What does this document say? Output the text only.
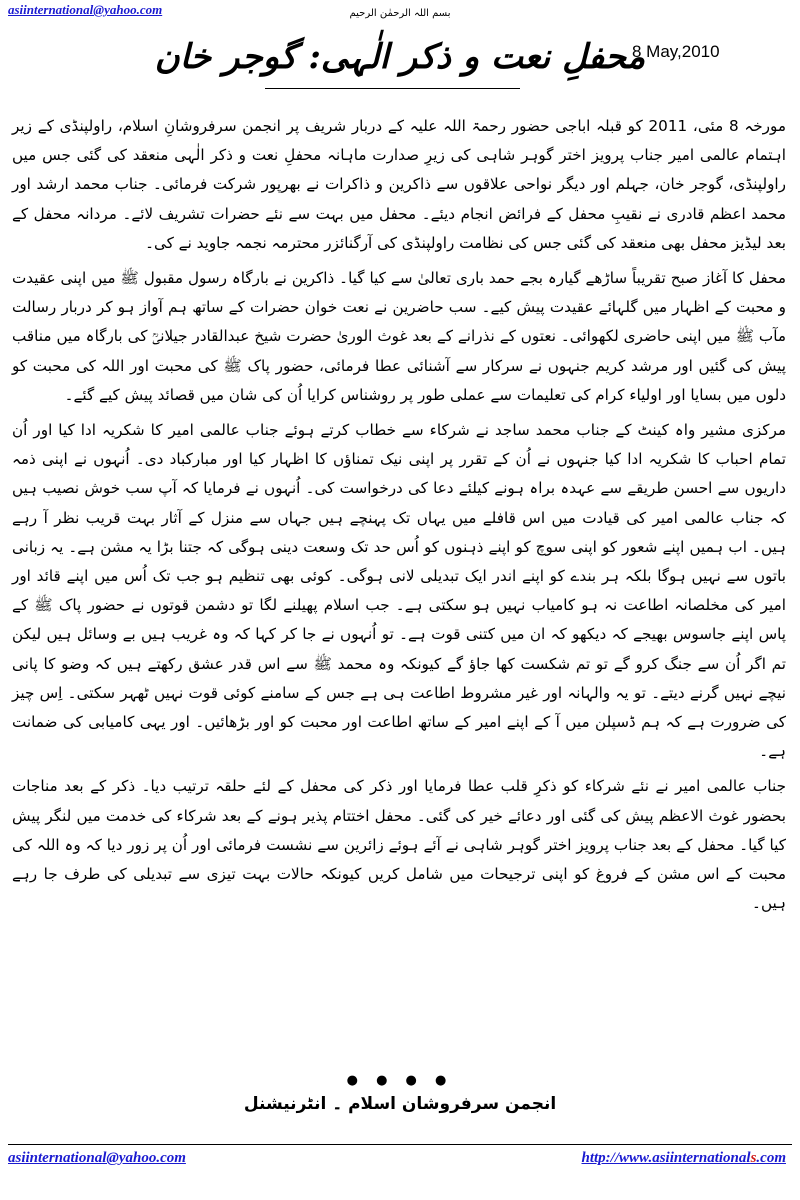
asiinternational@yahoo.com	بسم اللہ الرحمٰن الرحیم
8 May,2010
محفلِ نعت و ذکر الٰہی: گوجر خان

مورخہ 8 مئی، 2011 کو قبلہ اباجی حضور رحمۃ اللہ علیہ کے دربار شریف پر انجمن سرفروشانِ اسلام، راولپنڈی کے زیر اہتمام عالمی امیر جناب پرویز اختر گوہر شاہی کی زیرِ صدارت ماہانہ محفلِ نعت و ذکر الٰہی منعقد کی گئی جس میں راولپنڈی، گوجر خان، جہلم اور دیگر نواحی علاقوں سے ذاکرین و ذاکرات نے بھرپور شرکت فرمائی۔ جناب محمد ارشد اور محمد اعظم قادری نے نقیبِ محفل کے فرائض انجام دیئے۔ محفل میں بہت سے نئے حضرات تشریف لائے۔ مردانہ محفل کے بعد لیڈیز محفل بھی منعقد کی گئی جس کی نظامت راولپنڈی کی آرگنائزر محترمہ نجمہ جاوید نے کی۔

محفل کا آغاز صبح تقریباً ساڑھے گیارہ بجے حمد باری تعالیٰ سے کیا گیا۔ ذاکرین نے بارگاہ رسول مقبول ﷺ میں اپنی عقیدت و محبت کے اظہار میں گلہائے عقیدت پیش کیے۔ سب حاضرین نے نعت خوان حضرات کے ساتھ ہم آواز ہو کر دربار رسالت مآب ﷺ میں اپنی حاضری لکھوائی۔ نعتوں کے نذرانے کے بعد غوث الوریٰ حضرت شیخ عبدالقادر جیلانیؒ کی بارگاہ میں مناقب پیش کی گئیں اور مرشد کریم جنہوں نے سرکار سے آشنائی عطا فرمائی، حضور پاک ﷺ کی محبت اور اللہ کی محبت کو دلوں میں بسایا اور اولیاء کرام کی تعلیمات سے عملی طور پر روشناس کرایا اُن کی شان میں قصائد پیش کیے گئے۔

مرکزی مشیر واہ کینٹ کے جناب محمد ساجد نے شرکاء سے خطاب کرتے ہوئے جناب عالمی امیر کا شکریہ ادا کیا اور اُن تمام احباب کا شکریہ ادا کیا جنہوں نے اُن کے تقرر پر اپنی نیک تمناؤں کا اظہار کیا اور مبارکباد دی۔ اُنہوں نے اپنی ذمہ داریوں سے احسن طریقے سے عہدہ براہ ہونے کیلئے دعا کی درخواست کی۔ اُنہوں نے فرمایا کہ آپ سب خوش نصیب ہیں کہ جناب عالمی امیر کی قیادت میں اس قافلے میں یہاں تک پہنچے ہیں جہاں سے منزل کے آثار بہت قریب نظر آ رہے ہیں۔ اب ہمیں اپنے شعور کو اپنی سوچ کو اپنے ذہنوں کو اُس حد تک وسعت دینی ہوگی کہ جتنا بڑا یہ مشن ہے۔ یہ زبانی باتوں سے نہیں ہوگا بلکہ ہر بندے کو اپنے اندر ایک تبدیلی لانی ہوگی۔ کوئی بھی تنظیم ہو جب تک اُس میں اپنے قائد اور امیر کی مخلصانہ اطاعت نہ ہو کامیاب نہیں ہو سکتی ہے۔ جب اسلام پھیلنے لگا تو دشمن قوتوں نے حضور پاک ﷺ کے پاس اپنے جاسوس بھیجے کہ دیکھو کہ ان میں کتنی قوت ہے۔ تو اُنہوں نے جا کر کہا کہ وہ غریب ہیں بے وسائل ہیں لیکن تم اگر اُن سے جنگ کرو گے تو تم شکست کھا جاؤ گے کیونکہ وہ محمد ﷺ سے اس قدر عشق رکھتے ہیں کہ وضو کا پانی نیچے نہیں گرنے دیتے۔ تو یہ والہانہ اور غیر مشروط اطاعت ہی ہے جس کے سامنے کوئی قوت نہیں ٹھہر سکتی۔ اِس چیز کی ضرورت ہے کہ ہم ڈسپلن میں آ کے اپنے امیر کے ساتھ اطاعت اور محبت کو اور بڑھائیں۔ اور یہی کامیابی کی ضمانت ہے۔

جناب عالمی امیر نے نئے شرکاء کو ذکرِ قلب عطا فرمایا اور ذکر کی محفل کے لئے حلقہ ترتیب دیا۔ ذکر کے بعد مناجات بحضور غوث الاعظم پیش کی گئی اور دعائے خیر کی گئی۔ محفل اختتام پذیر ہونے کے بعد شرکاء کی خدمت میں لنگر پیش کیا گیا۔ محفل کے بعد جناب پرویز اختر گوہر شاہی نے آئے ہوئے زائرین سے نشست فرمائی اور اُن پر زور دیا کہ وہ اللہ کی محبت کے اس مشن کے فروغ کو اپنی ترجیحات میں شامل کریں کیونکہ حالات بہت تیزی سے تبدیلی کی طرف جا رہے ہیں۔

● ● ● ●
انجمن سرفروشان اسلام ۔ انٹرنیشنل
asiinternational@yahoo.com	http://www.asiinternationals.com
